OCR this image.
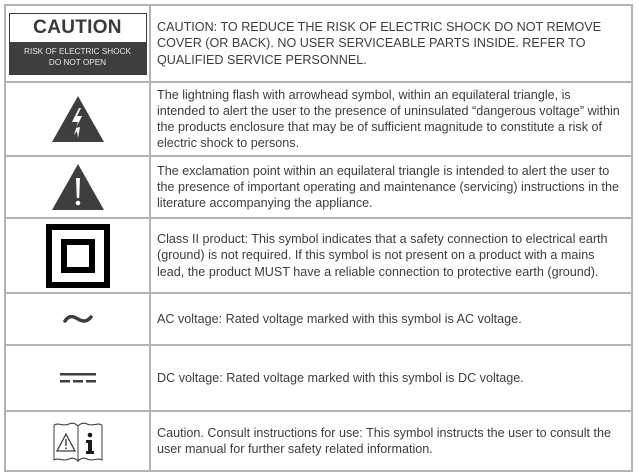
CAUTION
RISK OF ELECTRIC SHOCK
DO NOT OPEN
CAUTION: TO REDUCE THE RISK OF ELECTRIC SHOCK DO NOT REMOVE COVER (OR BACK). NO USER SERVICEABLE PARTS INSIDE. REFER TO QUALIFIED SERVICE PERSONNEL.
The lightning flash with arrowhead symbol, within an equilateral triangle, is intended to alert the user to the presence of uninsulated “dangerous voltage” within the products enclosure that may be of sufficient magnitude to constitute a risk of electric shock to persons.
The exclamation point within an equilateral triangle is intended to alert the user to the presence of important operating and maintenance (servicing) instructions in the literature accompanying the appliance.
Class II product: This symbol indicates that a safety connection to electrical earth (ground) is not required. If this symbol is not present on a product with a mains lead, the product MUST have a reliable connection to protective earth (ground).
AC voltage: Rated voltage marked with this symbol is AC voltage.
DC voltage: Rated voltage marked with this symbol is DC voltage.
Caution. Consult instructions for use: This symbol instructs the user to consult the user manual for further safety related information.
